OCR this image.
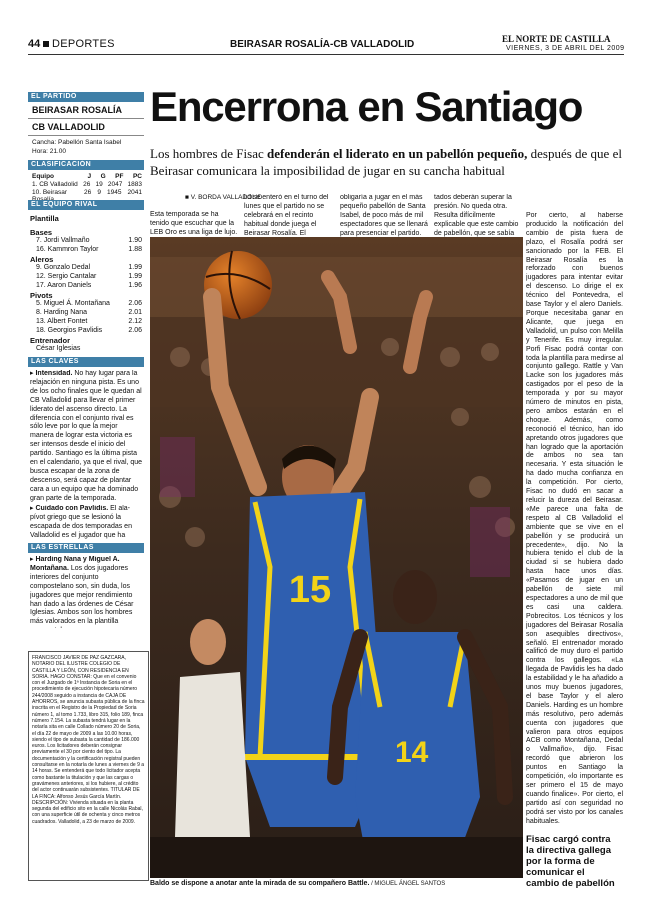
44 DEPORTES	BEIRASAR ROSALÍA-CB VALLADOLID	EL NORTE DE CASTILLA
VIERNES, 3 DE ABRIL DEL 2009
EL PARTIDO
BEIRASAR ROSALÍA
CB VALLADOLID
Cancha: Pabellón Santa Isabel
Hora: 21.00
CLASIFICACIÓN
Equipo	J G PF PC
1. CB Valladolid 26 19 2047 1883
10. Beirasar	26 9 1945 2041
EL EQUIPO RIVAL
Plantilla
Bases
7. Jordi Vallmaño	1.90
16. Kammron Taylor	1.88
Aleros
9. Gonzalo Dedal	1.99
12. Sergio Cantalar	1.99
17. Aaron Daniels	1.96
Pivots
5. Miguel Á. Montañana	2.06
8. Harding Nana	2.01
13. Albert Fontet	2.12
18. Georgios Pavlidis	2.06
Entrenador
César Iglesias
LAS CLAVES

▸ Intensidad. No hay lugar para la relajación en ninguna pista. Es uno de los ocho finales que le quedan al CB Valladolid para llevar el primer liderato del ascenso directo. La diferencia con el conjunto rival es sólo leve por lo que la mejor manera de lograr esta victoria es ser intensos desde el inicio del partido. Santiago es la última pista en el calendario, ya que el rival, que busca escapar de la zona de descenso, será capaz de plantar cara a un equipo que ha dominado gran parte de la temporada.

▸ Cuidado con Pavlidis. El ala-pívot griego que se lesionó la escapada de dos temporadas en Valladolid es el jugador que ha

LAS ESTRELLAS

▸ Harding Nana y Miguel A. Montañana. Los dos jugadores interiores del conjunto compostelano son, sin duda, los jugadores que mejor rendimiento han dado a las órdenes de César Iglesias. Ambos son los hombres más valorados en la plantilla

FRANCISCO JAVIER DE PAZ GAZCARA, NOTARIO DEL ILUSTRE COLEGIO DE CASTILLA Y LEÓN, CON RESIDENCIA EN SORIA. HAGO CONSTAR: Que en el convenio con el Juzgado de 1ª Instancia de Soria en el procedimiento de ejecución hipotecaria número 244/2008 seguido a instancia de CAJA DE AHORROS, se anuncia subasta pública de la finca inscrita en el Registro de la Propiedad de Soria número 1, al tomo 1.733, libro 315, folio 189, finca número 7.154. La subasta tendrá lugar en la notaría sita en calle Collado número 20 de Soria, el día 22 de mayo de 2009 a las 10.00 horas, siendo el tipo de subasta la cantidad de 186.000 euros. Los licitadores deberán consignar previamente el 30 por ciento del tipo. La documentación y la certificación registral pueden consultarse en la notaría de lunes a viernes de 9 a 14 horas. Se entenderá que todo licitador acepta como bastante la titulación y que las cargas o gravámenes anteriores, si los hubiere, al crédito del actor continuarán subsistentes. TITULAR DE LA FINCA: Alfonso Jesús García Martín. DESCRIPCIÓN: Vivienda situada en la planta segunda del edificio sito en la calle Nicolás Rabal, con una superficie útil de ochenta y cinco metros cuadrados. Valladolid, a 23 de marzo de 2009.

Encerrona en Santiago

Los hombres de Fisac defenderán el liderato en un pabellón pequeño, después de que el Beirasar comunicara la imposibilidad de jugar en su cancha habitual

■ V. BORDA VALLADOLID

Esta temporada se ha tenido que escuchar que la LEB Oro es una liga de lujo.

lid se enteró en el turno del lunes que el partido no se celebrará en el recinto habitual donde juega el Beirasar Rosalía. El

obligaría a jugar en el más pequeño pabellón de Santa Isabel, de poco más de mil espectadores que se llenará para presenciar el partido.

tados deberán superar la presión. No queda otra. Resulta difícilmente explicable que este cambio de pabellón, que se sabía

15
14
Baldo se dispone a anotar ante la mirada de su compañero Battle. / MIGUEL ÁNGEL SANTOS

Por cierto, al haberse producido la notificación del cambio de pista fuera de plazo, el Rosalía podrá ser sancionado por la FEB. El Beirasar Rosalía es la reforzado con buenos jugadores para intentar evitar el descenso. Lo dirige el ex técnico del Pontevedra, el base Taylor y el alero Daniels. Porque necesitaba ganar en Alicante, que juega en Valladolid, un pulso con Melilla y Tenerife. Es muy irregular. Porfi Fisac podrá contar con toda la plantilla para medirse al conjunto gallego. Rattle y Van Lacke son los jugadores más castigados por el peso de la temporada y por su mayor número de minutos en pista, pero ambos estarán en el choque. Además, como reconoció el técnico, han ido apretando otros jugadores que han logrado que la aportación de ambos no sea tan necesaria. Y esta situación le ha dado mucha confianza en la competición. Por cierto, Fisac no dudó en sacar a relucir la dureza del Beirasar. «Me parece una falta de respeto al CB Valladolid el ambiente que se vive en el pabellón y se producirá un precedente», dijo. No la hubiera tenido el club de la ciudad si se hubiera dado hasta hace unos días. «Pasamos de jugar en un pabellón de siete mil espectadores a uno de mil que es casi una caldera. Pobrecitos. Los técnicos y los jugadores del Beirasar Rosalía son asequibles directivos», señaló. El entrenador morado calificó de muy duro el partido contra los gallegos. «La llegada de Pavlidis les ha dado la estabilidad y le ha añadido a unos muy buenos jugadores, el base Taylor y el alero Daniels. Harding es un hombre más resolutivo, pero además cuenta con jugadores que valieron para otros equipos ACB como Montañana, Dedal o Vallmaño», dijo. Fisac recordó que abrieron los puntos en Santiago la competición, «lo importante es ser primero el 15 de mayo cuando finalice». Por cierto, el partido así con seguridad no podrá ser visto por los canales habituales.

Fisac cargó contra la directiva gallega por la forma de comunicar el cambio de pabellón
